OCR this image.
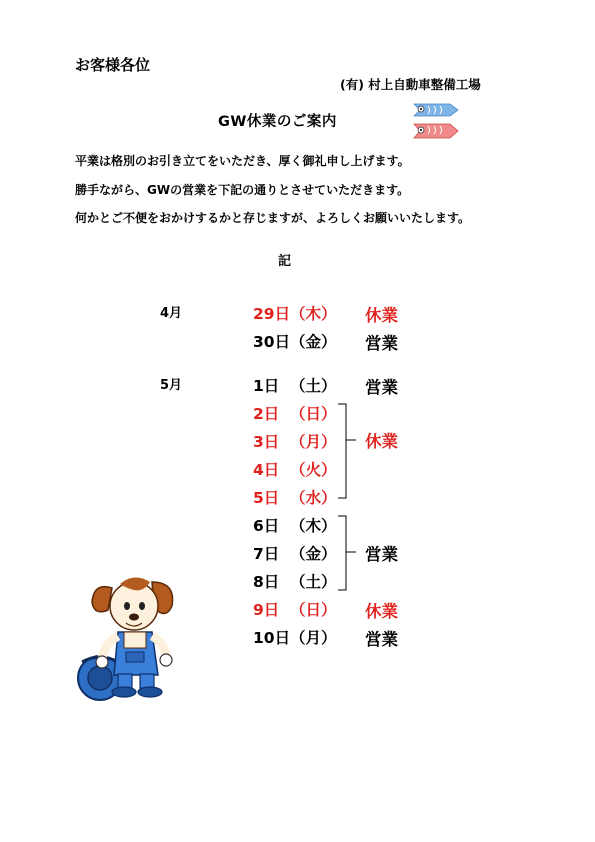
お客様各位
(有) 村上自動車整備工場
GW休業のご案内
平業は格別のお引き立てをいただき、厚く御礼申し上げます。
勝手ながら、GWの営業を下記の通りとさせていただきます。
何かとご不便をおかけするかと存じますが、よろしくお願いいたします。
記
4月
5月
29日 （木） 休業
30日 （金） 営業
1日 （土） 営業
2日 （日）
3日 （月）
4日 （火）
5日 （水）
6日 （木）
7日 （金）
8日 （土）
9日 （日） 休業
10日 （月） 営業
休業
営業
